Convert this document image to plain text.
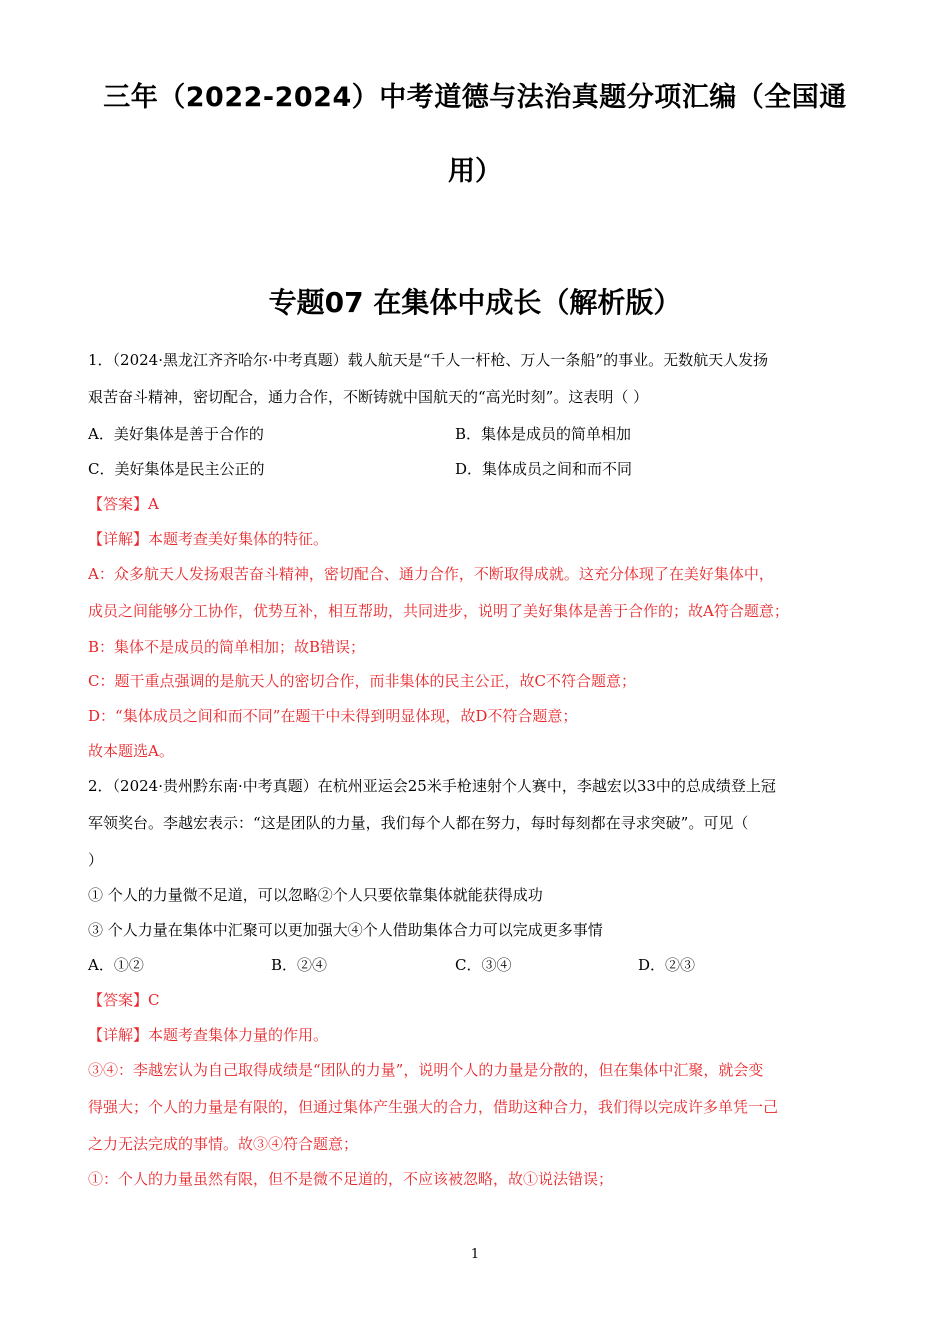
三年（2022-2024）中考道德与法治真题分项汇编（全国通
用）
专题07 在集体中成长（解析版）
1．（2024·黑龙江齐齐哈尔·中考真题）载人航天是“千人一杆枪、万人一条船”的事业。无数航天人发扬
艰苦奋斗精神，密切配合，通力合作，不断铸就中国航天的“高光时刻”。这表明（ ）
A．美好集体是善于合作的	B．集体是成员的简单相加
C．美好集体是民主公正的	D．集体成员之间和而不同
【答案】A
【详解】本题考查美好集体的特征。
A：众多航天人发扬艰苦奋斗精神，密切配合、通力合作，不断取得成就。这充分体现了在美好集体中，
成员之间能够分工协作，优势互补，相互帮助，共同进步，说明了美好集体是善于合作的；故A符合题意；
B：集体不是成员的简单相加；故B错误；
C：题干重点强调的是航天人的密切合作，而非集体的民主公正，故C不符合题意；
D：“集体成员之间和而不同”在题干中未得到明显体现，故D不符合题意；
故本题选A。
2．（2024·贵州黔东南·中考真题）在杭州亚运会25米手枪速射个人赛中，李越宏以33中的总成绩登上冠
军领奖台。李越宏表示：“这是团队的力量，我们每个人都在努力，每时每刻都在寻求突破”。可见（
）
① 个人的力量微不足道，可以忽略②个人只要依靠集体就能获得成功
③ 个人力量在集体中汇聚可以更加强大④个人借助集体合力可以完成更多事情
A．①②	B．②④	C．③④	D．②③
【答案】C
【详解】本题考查集体力量的作用。
③④：李越宏认为自己取得成绩是“团队的力量”，说明个人的力量是分散的，但在集体中汇聚，就会变
得强大；个人的力量是有限的，但通过集体产生强大的合力，借助这种合力，我们得以完成许多单凭一己
之力无法完成的事情。故③④符合题意；
①：个人的力量虽然有限，但不是微不足道的，不应该被忽略，故①说法错误；
1
